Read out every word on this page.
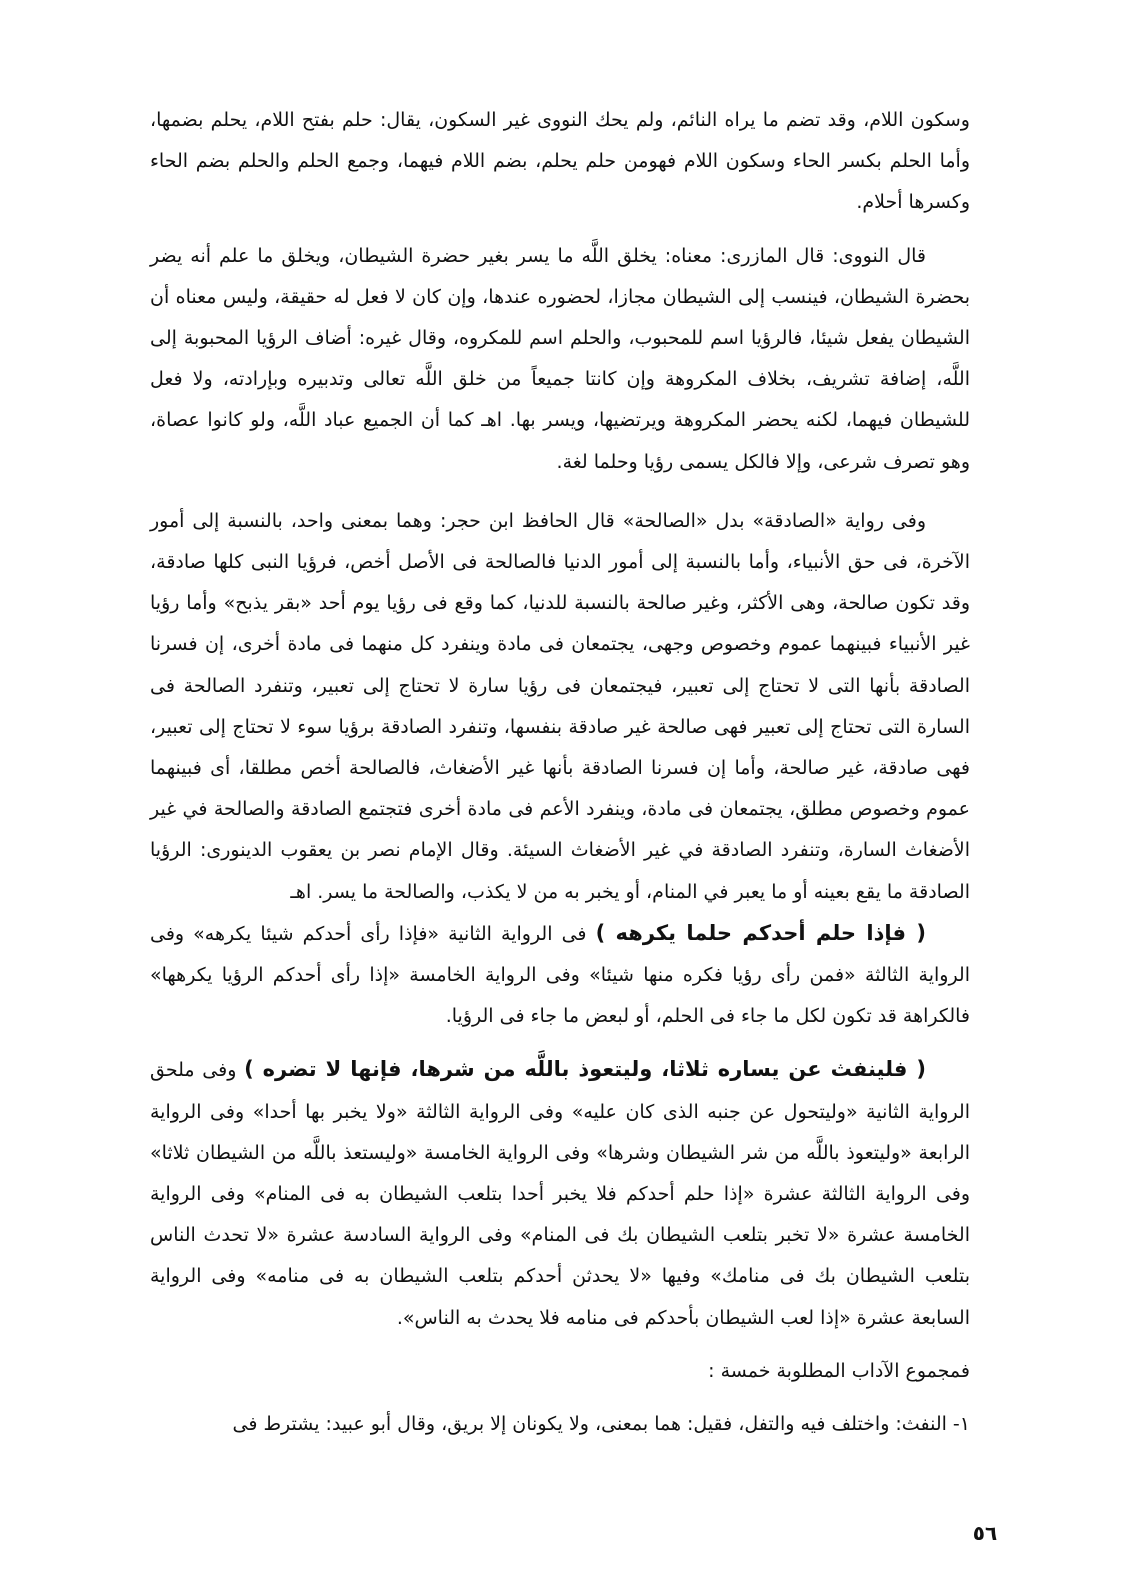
وسكون اللام، وقد تضم ما يراه النائم، ولم يحك النووى غير السكون، يقال: حلم بفتح اللام، يحلم بضمها، وأما الحلم بكسر الحاء وسكون اللام فهومن حلم يحلم، بضم اللام فيهما، وجمع الحلم والحلم بضم الحاء وكسرها أحلام.

قال النووى: قال المازرى: معناه: يخلق اللَّه ما يسر بغير حضرة الشيطان، ويخلق ما علم أنه يضر بحضرة الشيطان، فينسب إلى الشيطان مجازا، لحضوره عندها، وإن كان لا فعل له حقيقة، وليس معناه أن الشيطان يفعل شيئا، فالرؤيا اسم للمحبوب، والحلم اسم للمكروه، وقال غيره: أضاف الرؤيا المحبوبة إلى اللَّه، إضافة تشريف، بخلاف المكروهة وإن كانتا جميعاً من خلق اللَّه تعالى وتدبيره وبإرادته، ولا فعل للشيطان فيهما، لكنه يحضر المكروهة ويرتضيها، ويسر بها. اهـ كما أن الجميع عباد اللَّه، ولو كانوا عصاة، وهو تصرف شرعى، وإلا فالكل يسمى رؤيا وحلما لغة.

وفى رواية «الصادقة» بدل «الصالحة» قال الحافظ ابن حجر: وهما بمعنى واحد، بالنسبة إلى أمور الآخرة، فى حق الأنبياء، وأما بالنسبة إلى أمور الدنيا فالصالحة فى الأصل أخص، فرؤيا النبى كلها صادقة، وقد تكون صالحة، وهى الأكثر، وغير صالحة بالنسبة للدنيا، كما وقع فى رؤيا يوم أحد «بقر يذبح» وأما رؤيا غير الأنبياء فبينهما عموم وخصوص وجهى، يجتمعان فى مادة وينفرد كل منهما فى مادة أخرى، إن فسرنا الصادقة بأنها التى لا تحتاج إلى تعبير، فيجتمعان فى رؤيا سارة لا تحتاج إلى تعبير، وتنفرد الصالحة فى السارة التى تحتاج إلى تعبير فهى صالحة غير صادقة بنفسها، وتنفرد الصادقة برؤيا سوء لا تحتاج إلى تعبير، فهى صادقة، غير صالحة، وأما إن فسرنا الصادقة بأنها غير الأضغاث، فالصالحة أخص مطلقا، أى فبينهما عموم وخصوص مطلق، يجتمعان فى مادة، وينفرد الأعم فى مادة أخرى فتجتمع الصادقة والصالحة في غير الأضغاث السارة، وتنفرد الصادقة في غير الأضغاث السيئة. وقال الإمام نصر بن يعقوب الدينورى: الرؤيا الصادقة ما يقع بعينه أو ما يعبر في المنام، أو يخبر به من لا يكذب، والصالحة ما يسر. اهـ

( فإذا حلم أحدكم حلما يكرهه ) فى الرواية الثانية «فإذا رأى أحدكم شيئا يكرهه» وفى الرواية الثالثة «فمن رأى رؤيا فكره منها شيئا» وفى الرواية الخامسة «إذا رأى أحدكم الرؤيا يكرهها» فالكراهة قد تكون لكل ما جاء فى الحلم، أو لبعض ما جاء فى الرؤيا.

( فلينفث عن يساره ثلاثا، وليتعوذ باللَّه من شرها، فإنها لا تضره ) وفى ملحق الرواية الثانية «وليتحول عن جنبه الذى كان عليه» وفى الرواية الثالثة «ولا يخبر بها أحدا» وفى الرواية الرابعة «وليتعوذ باللَّه من شر الشيطان وشرها» وفى الرواية الخامسة «وليستعذ باللَّه من الشيطان ثلاثا» وفى الرواية الثالثة عشرة «إذا حلم أحدكم فلا يخبر أحدا بتلعب الشيطان به فى المنام» وفى الرواية الخامسة عشرة «لا تخبر بتلعب الشيطان بك فى المنام» وفى الرواية السادسة عشرة «لا تحدث الناس بتلعب الشيطان بك فى منامك» وفيها «لا يحدثن أحدكم بتلعب الشيطان به فى منامه» وفى الرواية السابعة عشرة «إذا لعب الشيطان بأحدكم فى منامه فلا يحدث به الناس».

فمجموع الآداب المطلوبة خمسة :

١- النفث: واختلف فيه والتفل، فقيل: هما بمعنى، ولا يكونان إلا بريق، وقال أبو عبيد: يشترط فى

٥٦
